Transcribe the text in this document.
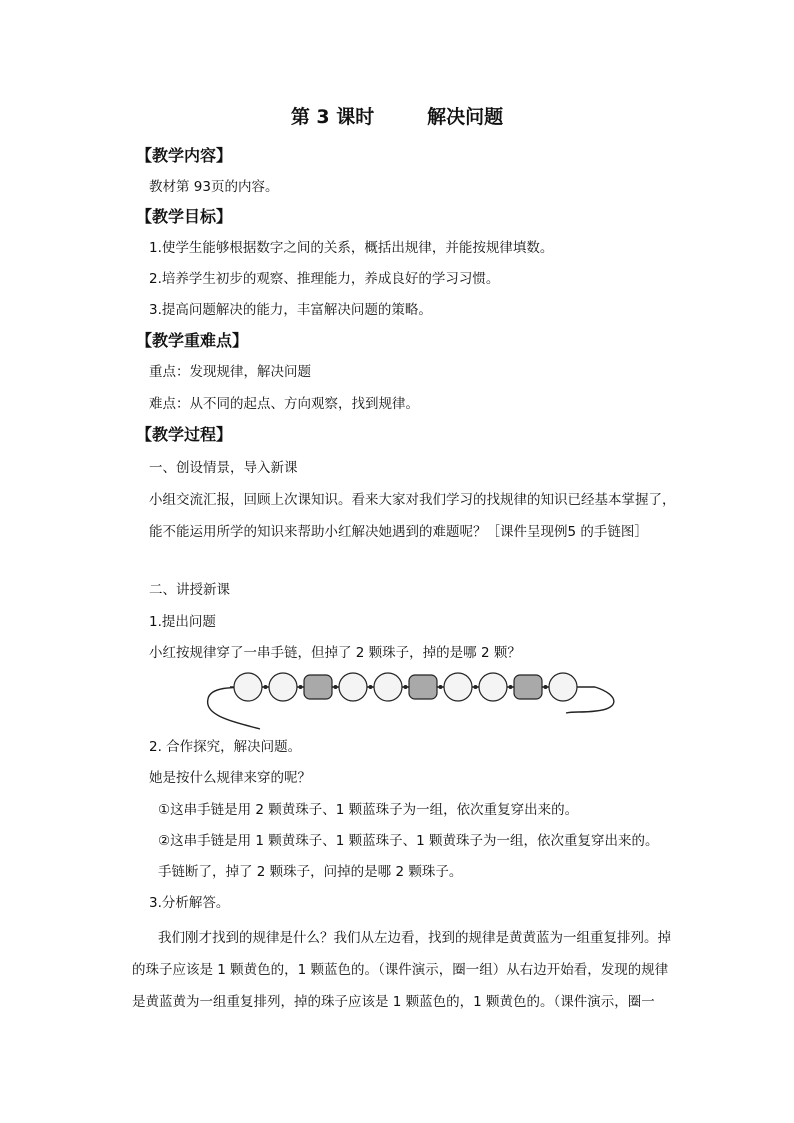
第 3 课时        解决问题
【教学内容】
教材第 93页的内容。
【教学目标】
1.使学生能够根据数字之间的关系，概括出规律，并能按规律填数。
2.培养学生初步的观察、推理能力，养成良好的学习习惯。
3.提高问题解决的能力，丰富解决问题的策略。
【教学重难点】
重点：发现规律，解决问题
难点：从不同的起点、方向观察，找到规律。
【教学过程】
一、创设情景，导入新课
小组交流汇报，回顾上次课知识。看来大家对我们学习的找规律的知识已经基本掌握了，能不能运用所学的知识来帮助小红解决她遇到的难题呢？［课件呈现例5 的手链图］
二、讲授新课
1.提出问题
小红按规律穿了一串手链，但掉了 2 颗珠子，掉的是哪 2 颗？
2. 合作探究，解决问题。
她是按什么规律来穿的呢？
①这串手链是用 2 颗黄珠子、1 颗蓝珠子为一组，依次重复穿出来的。
②这串手链是用 1 颗黄珠子、1 颗蓝珠子、1 颗黄珠子为一组，依次重复穿出来的。
手链断了，掉了 2 颗珠子，问掉的是哪 2 颗珠子。
3.分析解答。
我们刚才找到的规律是什么？我们从左边看，找到的规律是黄黄蓝为一组重复排列。掉的珠子应该是 1 颗黄色的，1 颗蓝色的。（课件演示，圈一组）从右边开始看，发现的规律是黄蓝黄为一组重复排列，掉的珠子应该是 1 颗蓝色的，1 颗黄色的。（课件演示，圈一
